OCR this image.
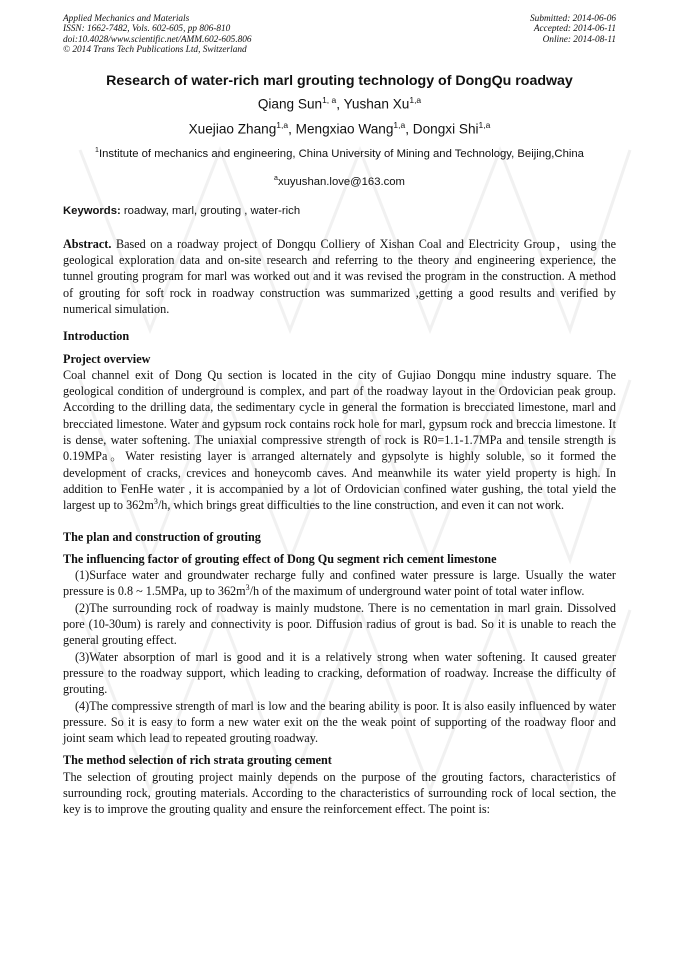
Applied Mechanics and Materials
ISSN: 1662-7482, Vols. 602-605, pp 806-810
doi:10.4028/www.scientific.net/AMM.602-605.806
© 2014 Trans Tech Publications Ltd, Switzerland
Submitted: 2014-06-06
Accepted: 2014-06-11
Online: 2014-08-11
Research of water-rich marl grouting technology of DongQu roadway
Qiang Sun$^{1, a}$, Yushan Xu$^{1,a}$
Xuejiao Zhang$^{1,a}$, Mengxiao Wang$^{1,a}$, Dongxi Shi$^{1,a}$
$^1$Institute of mechanics and engineering, China University of Mining and Technology, Beijing,China
$^a$xuyushan.love@163.com
Keywords: roadway, marl, grouting , water-rich

Abstract. Based on a roadway project of Dongqu Colliery of Xishan Coal and Electricity Group，using the geological exploration data and on-site research and referring to the theory and engineering experience, the tunnel grouting program for marl was worked out and it was revised the program in the construction. A method of grouting for soft rock in roadway construction was summarized ,getting a good results and verified by numerical simulation.

Introduction
Project overview

Coal channel exit of Dong Qu section is located in the city of Gujiao Dongqu mine industry square. The geological condition of underground is complex, and part of the roadway layout in the Ordovician peak group. According to the drilling data, the sedimentary cycle in general the formation is brecciated limestone, marl and brecciated limestone. Water and gypsum rock contains rock hole for marl, gypsum rock and breccia limestone. It is dense, water softening. The uniaxial compressive strength of rock is R0=1.1-1.7MPa and tensile strength is 0.19MPa。Water resisting layer is arranged alternately and gypsolyte is highly soluble, so it formed the development of cracks, crevices and honeycomb caves. And meanwhile its water yield property is high. In addition to FenHe water , it is accompanied by a lot of Ordovician confined water gushing, the total yield the largest up to $362m^3/h$, which brings great difficulties to the line construction, and even it can not work.

The plan and construction of grouting
The influencing factor of grouting effect of Dong Qu segment rich cement limestone

(1)Surface water and groundwater recharge fully and confined water pressure is large. Usually the water pressure is 0.8 ~ 1.5MPa, up to $362m^3/h$ of the maximum of underground water point of total water inflow.

(2)The surrounding rock of roadway is mainly mudstone. There is no cementation in marl grain. Dissolved pore (10-30um) is rarely and connectivity is poor. Diffusion radius of grout is bad. So it is unable to reach the general grouting effect.

(3)Water absorption of marl is good and it is a relatively strong when water softening. It caused greater pressure to the roadway support, which leading to cracking, deformation of roadway. Increase the difficulty of grouting.

(4)The compressive strength of marl is low and the bearing ability is poor. It is also easily influenced by water pressure. So it is easy to form a new water exit on the the weak point of supporting of the roadway floor and joint seam which lead to repeated grouting roadway.

The method selection of rich strata grouting cement

The selection of grouting project mainly depends on the purpose of the grouting factors, characteristics of surrounding rock, grouting materials. According to the characteristics of surrounding rock of local section, the key is to improve the grouting quality and ensure the reinforcement effect. The point is:
